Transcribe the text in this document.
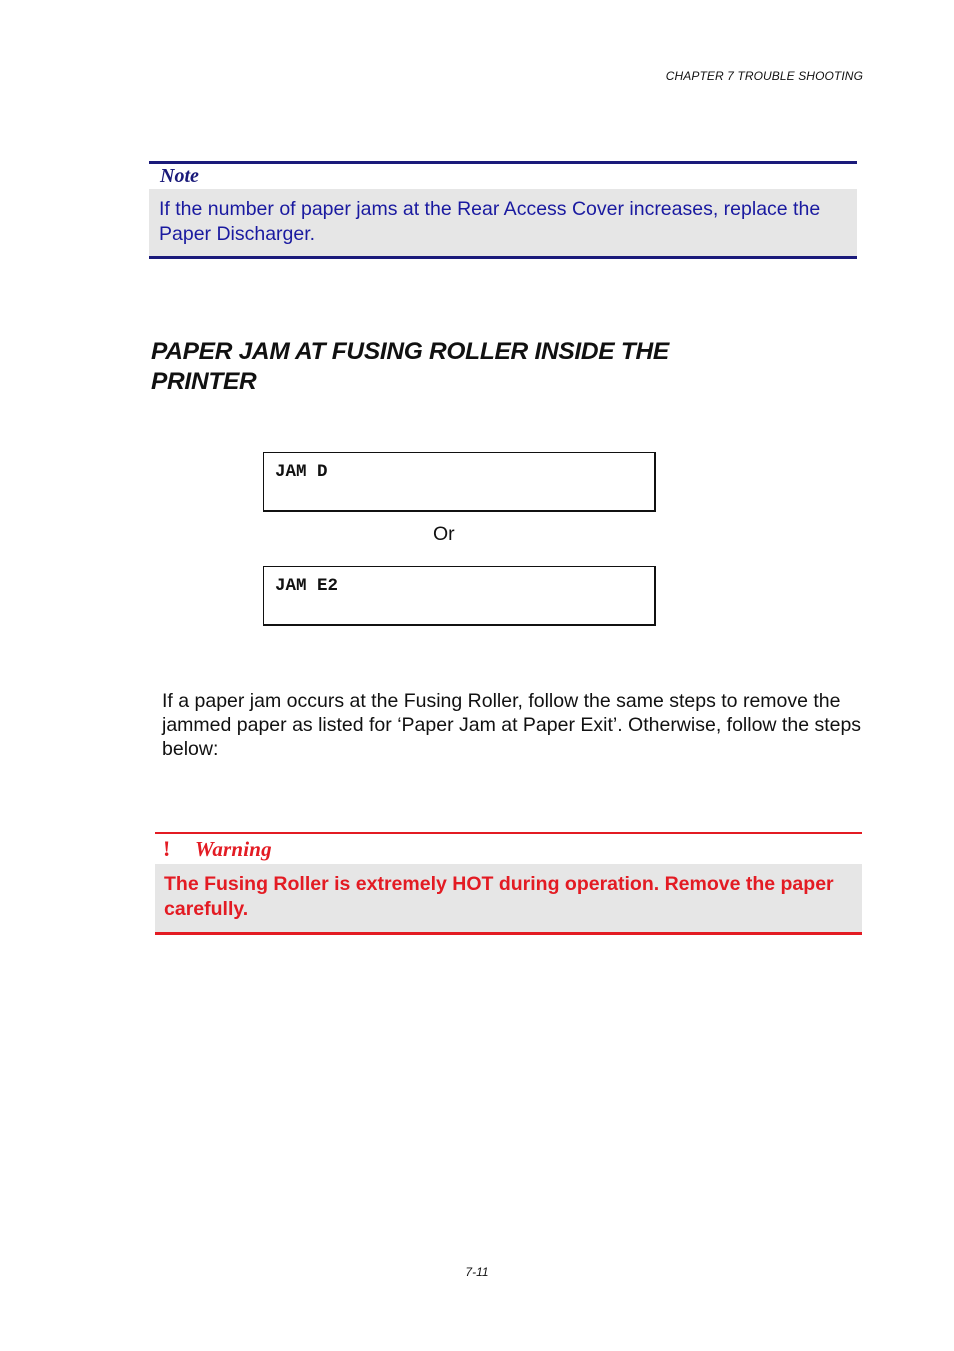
CHAPTER 7 TROUBLE SHOOTING
Note
If the number of paper jams at the Rear Access Cover increases, replace the Paper Discharger.
PAPER JAM AT FUSING ROLLER INSIDE THE
PRINTER
JAM D
Or
JAM E2
If a paper jam occurs at the Fusing Roller, follow the same steps to remove the jammed paper as listed for ‘Paper Jam at Paper Exit’. Otherwise, follow the steps below:
!	Warning
The Fusing Roller is extremely HOT during operation. Remove the paper carefully.
7-11
